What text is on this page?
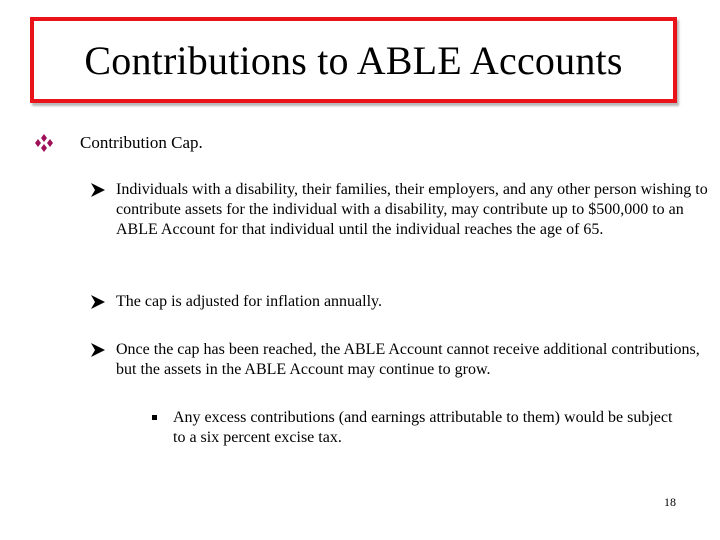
Contributions to ABLE Accounts
Contribution Cap.
Individuals with a disability, their families, their employers, and any other person wishing to contribute assets for the individual with a disability, may contribute up to $500,000 to an ABLE Account for that individual until the individual reaches the age of 65.
The cap is adjusted for inflation annually.
Once the cap has been reached, the ABLE Account cannot receive additional contributions, but the assets in the ABLE Account may continue to grow.
Any excess contributions (and earnings attributable to them) would be subject to a six percent excise tax.
18
